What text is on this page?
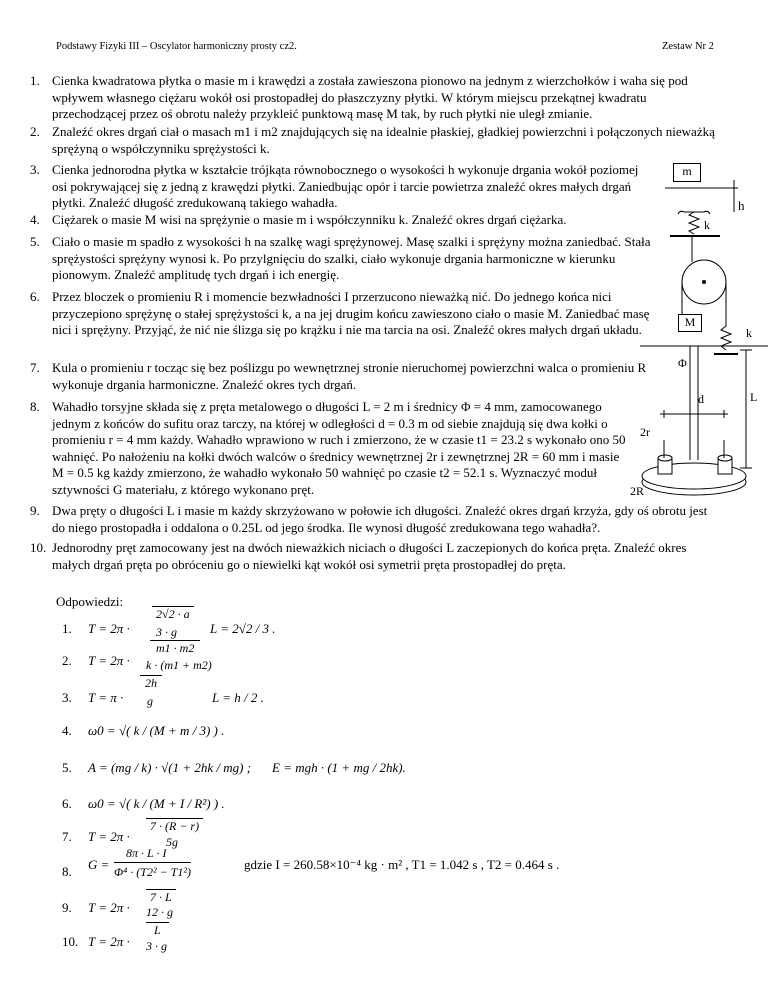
Podstawy Fizyki III – Oscylator harmoniczny prosty cz2.	Zestaw Nr 2
1. Cienka kwadratowa płytka o masie m i krawędzi a została zawieszona pionowo na jednym z wierzchołków i waha się pod wpływem własnego ciężaru wokół osi prostopadłej do płaszczyzny płytki. W którym miejscu przekątnej kwadratu przechodzącej przez oś obrotu należy przykleić punktową masę M tak, by ruch płytki nie uległ zmianie.
2. Znaleźć okres drgań ciał o masach m1 i m2 znajdujących się na idealnie płaskiej, gładkiej powierzchni i połączonych nieważką sprężyną o współczynniku sprężystości k.
3. Cienka jednorodna płytka w kształcie trójkąta równobocznego o wysokości h wykonuje drgania wokół poziomej osi pokrywającej się z jedną z krawędzi płytki. Zaniedbując opór i tarcie powietrza znaleźć okres małych drgań płytki. Znaleźć długość zredukowaną takiego wahadła.
4. Ciężarek o masie M wisi na sprężynie o masie m i współczynniku k. Znaleźć okres drgań ciężarka.
5. Ciało o masie m spadło z wysokości h na szalkę wagi sprężynowej. Masę szalki i sprężyny można zaniedbać. Stała sprężystości sprężyny wynosi k. Po przylgnięciu do szalki, ciało wykonuje drgania harmoniczne w kierunku pionowym. Znaleźć amplitudę tych drgań i ich energię.
6. Przez bloczek o promieniu R i momencie bezwładności I przerzucono nieważką nić. Do jednego końca nici przyczepiono sprężynę o stałej sprężystości k, a na jej drugim końcu zawieszono ciało o masie M. Zaniedbać masę nici i sprężyny. Przyjąć, że nić nie ślizga się po krążku i nie ma tarcia na osi. Znaleźć okres małych drgań układu.
7. Kula o promieniu r tocząc się bez poślizgu po wewnętrznej stronie nieruchomej powierzchni walca o promieniu R wykonuje drgania harmoniczne. Znaleźć okres tych drgań.
8. Wahadło torsyjne składa się z pręta metalowego o długości L = 2 m i średnicy Φ = 4 mm, zamocowanego jednym z końców do sufitu oraz tarczy, na której w odległości d = 0.3 m od siebie znajdują się dwa kołki o promieniu r = 4 mm każdy. Wahadło wprawiono w ruch i zmierzono, że w czasie t1 = 23.2 s wykonało ono 50 wahnięć. Po nałożeniu na kołki dwóch walców o średnicy wewnętrznej 2r i zewnętrznej 2R = 60 mm i masie M = 0.5 kg każdy zmierzono, że wahadło wykonało 50 wahnięć po czasie t2 = 52.1 s. Wyznaczyć moduł sztywności G materiału, z którego wykonano pręt.
9. Dwa pręty o długości L i masie m każdy skrzyżowano w połowie ich długości. Znaleźć okres drgań krzyża, gdy oś obrotu jest do niego prostopadła i oddalona o 0.25L od jego środka. Ile wynosi długość zredukowana tego wahadła?.
10. Jednorodny pręt zamocowany jest na dwóch nieważkich niciach o długości L zaczepionych do końca pręta. Znaleźć okres małych drgań pręta po obróceniu go o niewielki kąt wokół osi symetrii pręta prostopadłej do pręta.
Odpowiedzi:
1. T = 2π ·
2√2 · a
3 · g	L = 2√2 / 3 .
2. T = 2π ·
m1 · m2
k · (m1 + m2)
3. T = π ·
2h
g	L = h / 2 .
4. ω0 = √( k / (M + m / 3) ) .
5. A = (mg / k) · √(1 + 2hk / mg) ; E = mgh · (1 + mg / 2hk).
6. ω0 = √( k / (M + I / R²) ) .
7. T = 2π ·
7 · (R − r)
5g
8. G =
8π · L · I
Φ⁴ · (T2² − T1²)	gdzie I = 260.58×10⁻⁴ kg · m² , T1 = 1.042 s , T2 = 0.464 s .
9. T = 2π ·
7 · L
12 · g
10. T = 2π ·
L
3 · g
m
h
k
M
k
Φ
L
d
2r
2R
